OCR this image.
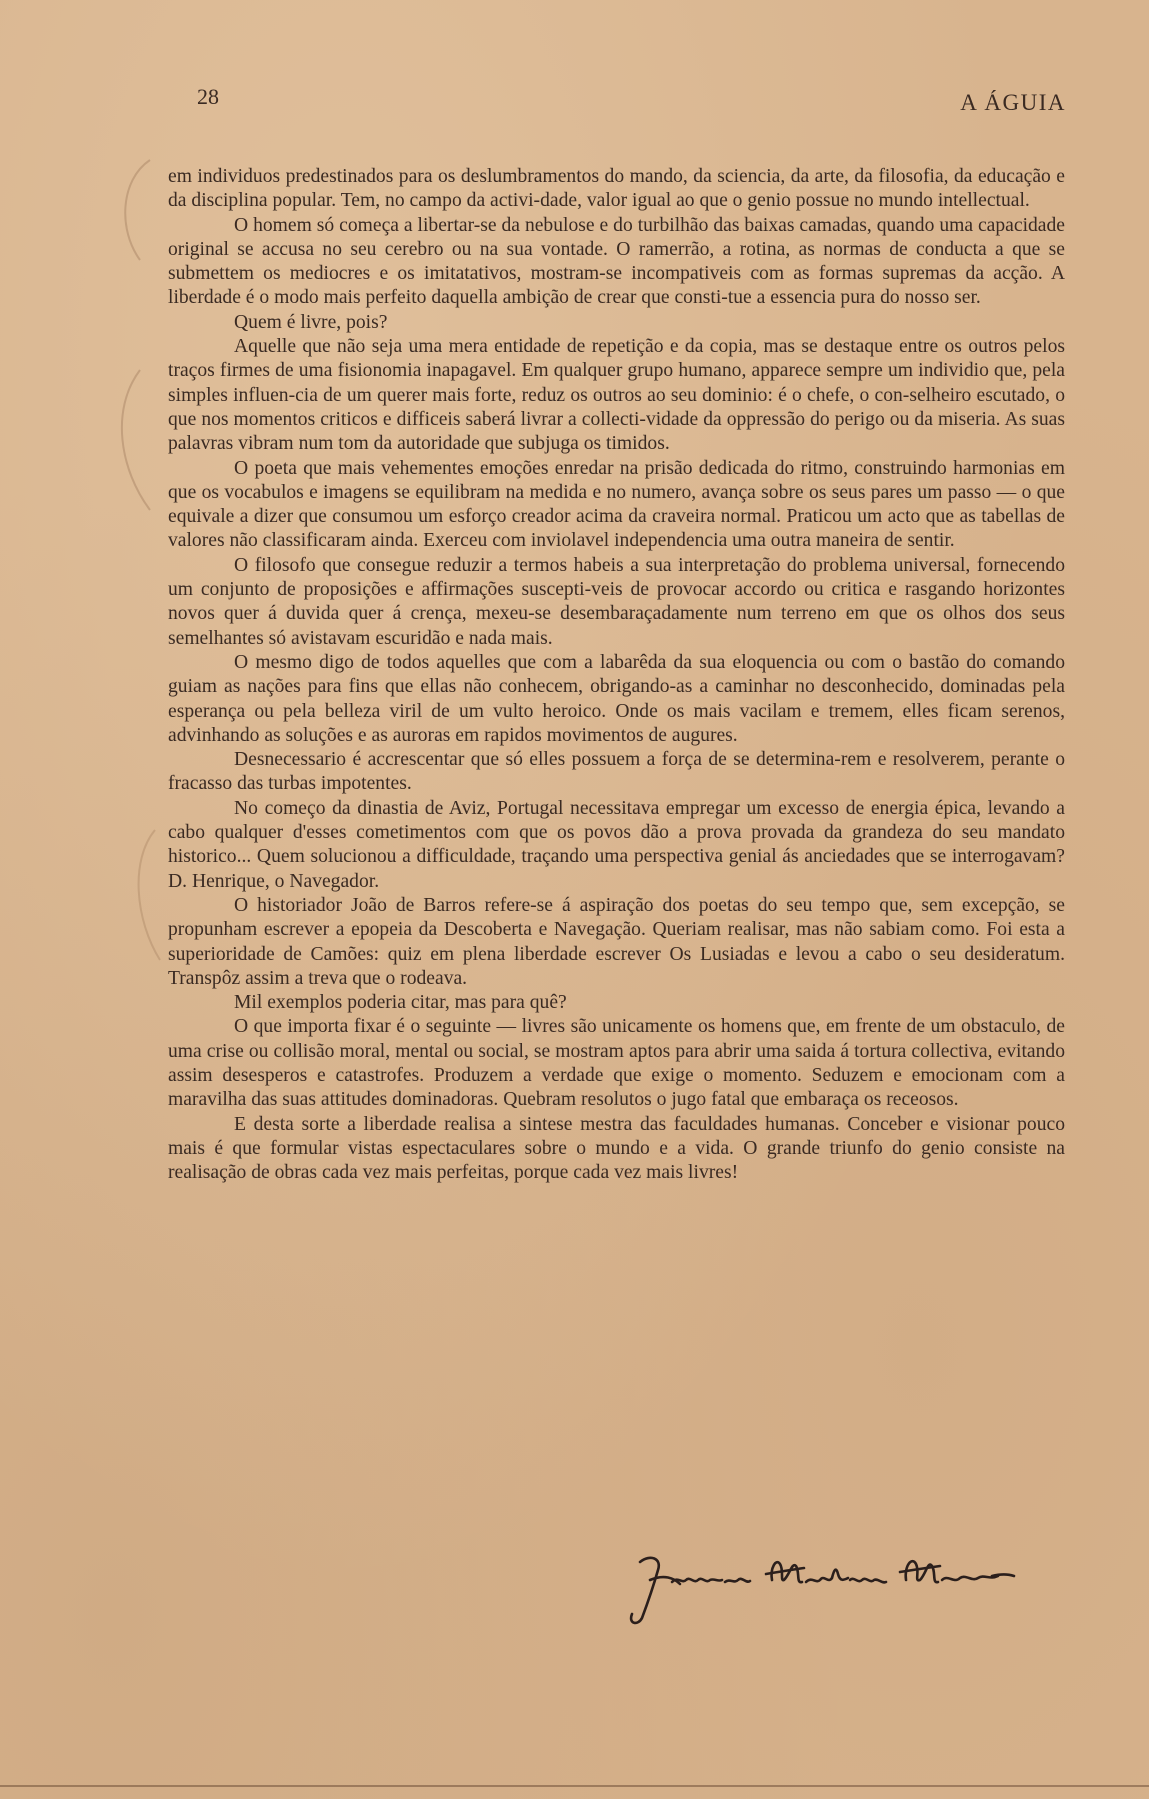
28	A ÁGUIA

em individuos predestinados para os deslumbramentos do mando, da sciencia, da arte, da filosofia, da educação e da disciplina popular. Tem, no campo da activi-dade, valor igual ao que o genio possue no mundo intellectual.

O homem só começa a libertar-se da nebulose e do turbilhão das baixas camadas, quando uma capacidade original se accusa no seu cerebro ou na sua vontade. O ramerrão, a rotina, as normas de conducta a que se submettem os mediocres e os imitatativos, mostram-se incompativeis com as formas supremas da acção. A liberdade é o modo mais perfeito daquella ambição de crear que consti-tue a essencia pura do nosso ser.

Quem é livre, pois?

Aquelle que não seja uma mera entidade de repetição e da copia, mas se destaque entre os outros pelos traços firmes de uma fisionomia inapagavel. Em qualquer grupo humano, apparece sempre um individio que, pela simples influen-cia de um querer mais forte, reduz os outros ao seu dominio: é o chefe, o con-selheiro escutado, o que nos momentos criticos e difficeis saberá livrar a collecti-vidade da oppressão do perigo ou da miseria. As suas palavras vibram num tom da autoridade que subjuga os timidos.

O poeta que mais vehementes emoções enredar na prisão dedicada do ritmo, construindo harmonias em que os vocabulos e imagens se equilibram na medida e no numero, avança sobre os seus pares um passo — o que equivale a dizer que consumou um esforço creador acima da craveira normal. Praticou um acto que as tabellas de valores não classificaram ainda. Exerceu com inviolavel independencia uma outra maneira de sentir.

O filosofo que consegue reduzir a termos habeis a sua interpretação do problema universal, fornecendo um conjunto de proposições e affirmações suscepti-veis de provocar accordo ou critica e rasgando horizontes novos quer á duvida quer á crença, mexeu-se desembaraçadamente num terreno em que os olhos dos seus semelhantes só avistavam escuridão e nada mais.

O mesmo digo de todos aquelles que com a labarêda da sua eloquencia ou com o bastão do comando guiam as nações para fins que ellas não conhecem, obrigando-as a caminhar no desconhecido, dominadas pela esperança ou pela belleza viril de um vulto heroico. Onde os mais vacilam e tremem, elles ficam serenos, advinhando as soluções e as auroras em rapidos movimentos de augures.

Desnecessario é accrescentar que só elles possuem a força de se determina-rem e resolverem, perante o fracasso das turbas impotentes.

No começo da dinastia de Aviz, Portugal necessitava empregar um excesso de energia épica, levando a cabo qualquer d'esses cometimentos com que os povos dão a prova provada da grandeza do seu mandato historico... Quem solucionou a difficuldade, traçando uma perspectiva genial ás anciedades que se interrogavam? D. Henrique, o Navegador.

O historiador João de Barros refere-se á aspiração dos poetas do seu tempo que, sem excepção, se propunham escrever a epopeia da Descoberta e Navegação. Queriam realisar, mas não sabiam como. Foi esta a superioridade de Camões: quiz em plena liberdade escrever Os Lusiadas e levou a cabo o seu desideratum. Transpôz assim a treva que o rodeava.

Mil exemplos poderia citar, mas para quê?

O que importa fixar é o seguinte — livres são unicamente os homens que, em frente de um obstaculo, de uma crise ou collisão moral, mental ou social, se mostram aptos para abrir uma saida á tortura collectiva, evitando assim desesperos e catastrofes. Produzem a verdade que exige o momento. Seduzem e emocionam com a maravilha das suas attitudes dominadoras. Quebram resolutos o jugo fatal que embaraça os receosos.

E desta sorte a liberdade realisa a sintese mestra das faculdades humanas. Conceber e visionar pouco mais é que formular vistas espectaculares sobre o mundo e a vida. O grande triunfo do genio consiste na realisação de obras cada vez mais perfeitas, porque cada vez mais livres!
